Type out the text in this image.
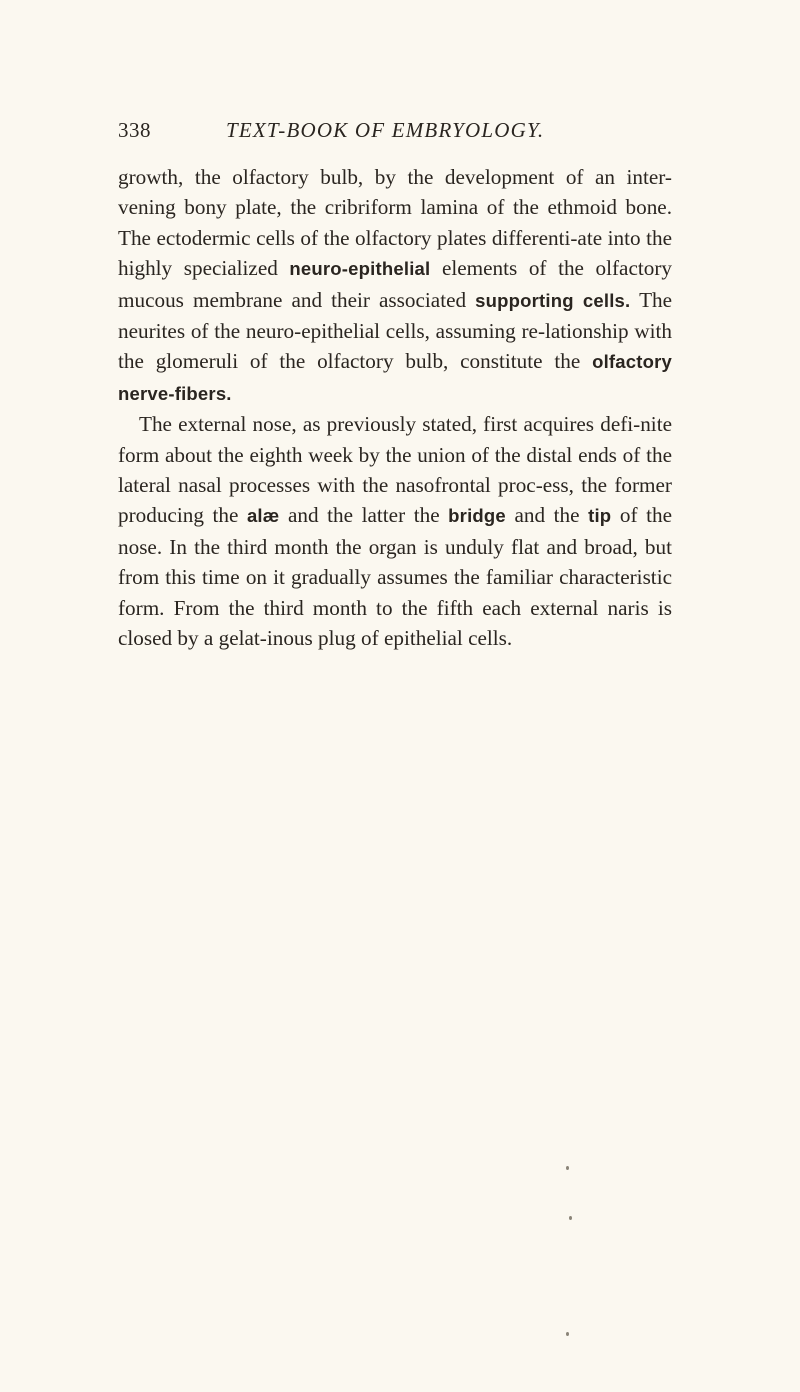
338	TEXT-BOOK OF EMBRYOLOGY.

growth, the olfactory bulb, by the development of an inter-vening bony plate, the cribriform lamina of the ethmoid bone. The ectodermic cells of the olfactory plates differenti-ate into the highly specialized neuro-epithelial elements of the olfactory mucous membrane and their associated supporting cells. The neurites of the neuro-epithelial cells, assuming re-lationship with the glomeruli of the olfactory bulb, constitute the olfactory nerve-fibers.

The external nose, as previously stated, first acquires defi-nite form about the eighth week by the union of the distal ends of the lateral nasal processes with the nasofrontal proc-ess, the former producing the alæ and the latter the bridge and the tip of the nose. In the third month the organ is unduly flat and broad, but from this time on it gradually assumes the familiar characteristic form. From the third month to the fifth each external naris is closed by a gelat-inous plug of epithelial cells.
